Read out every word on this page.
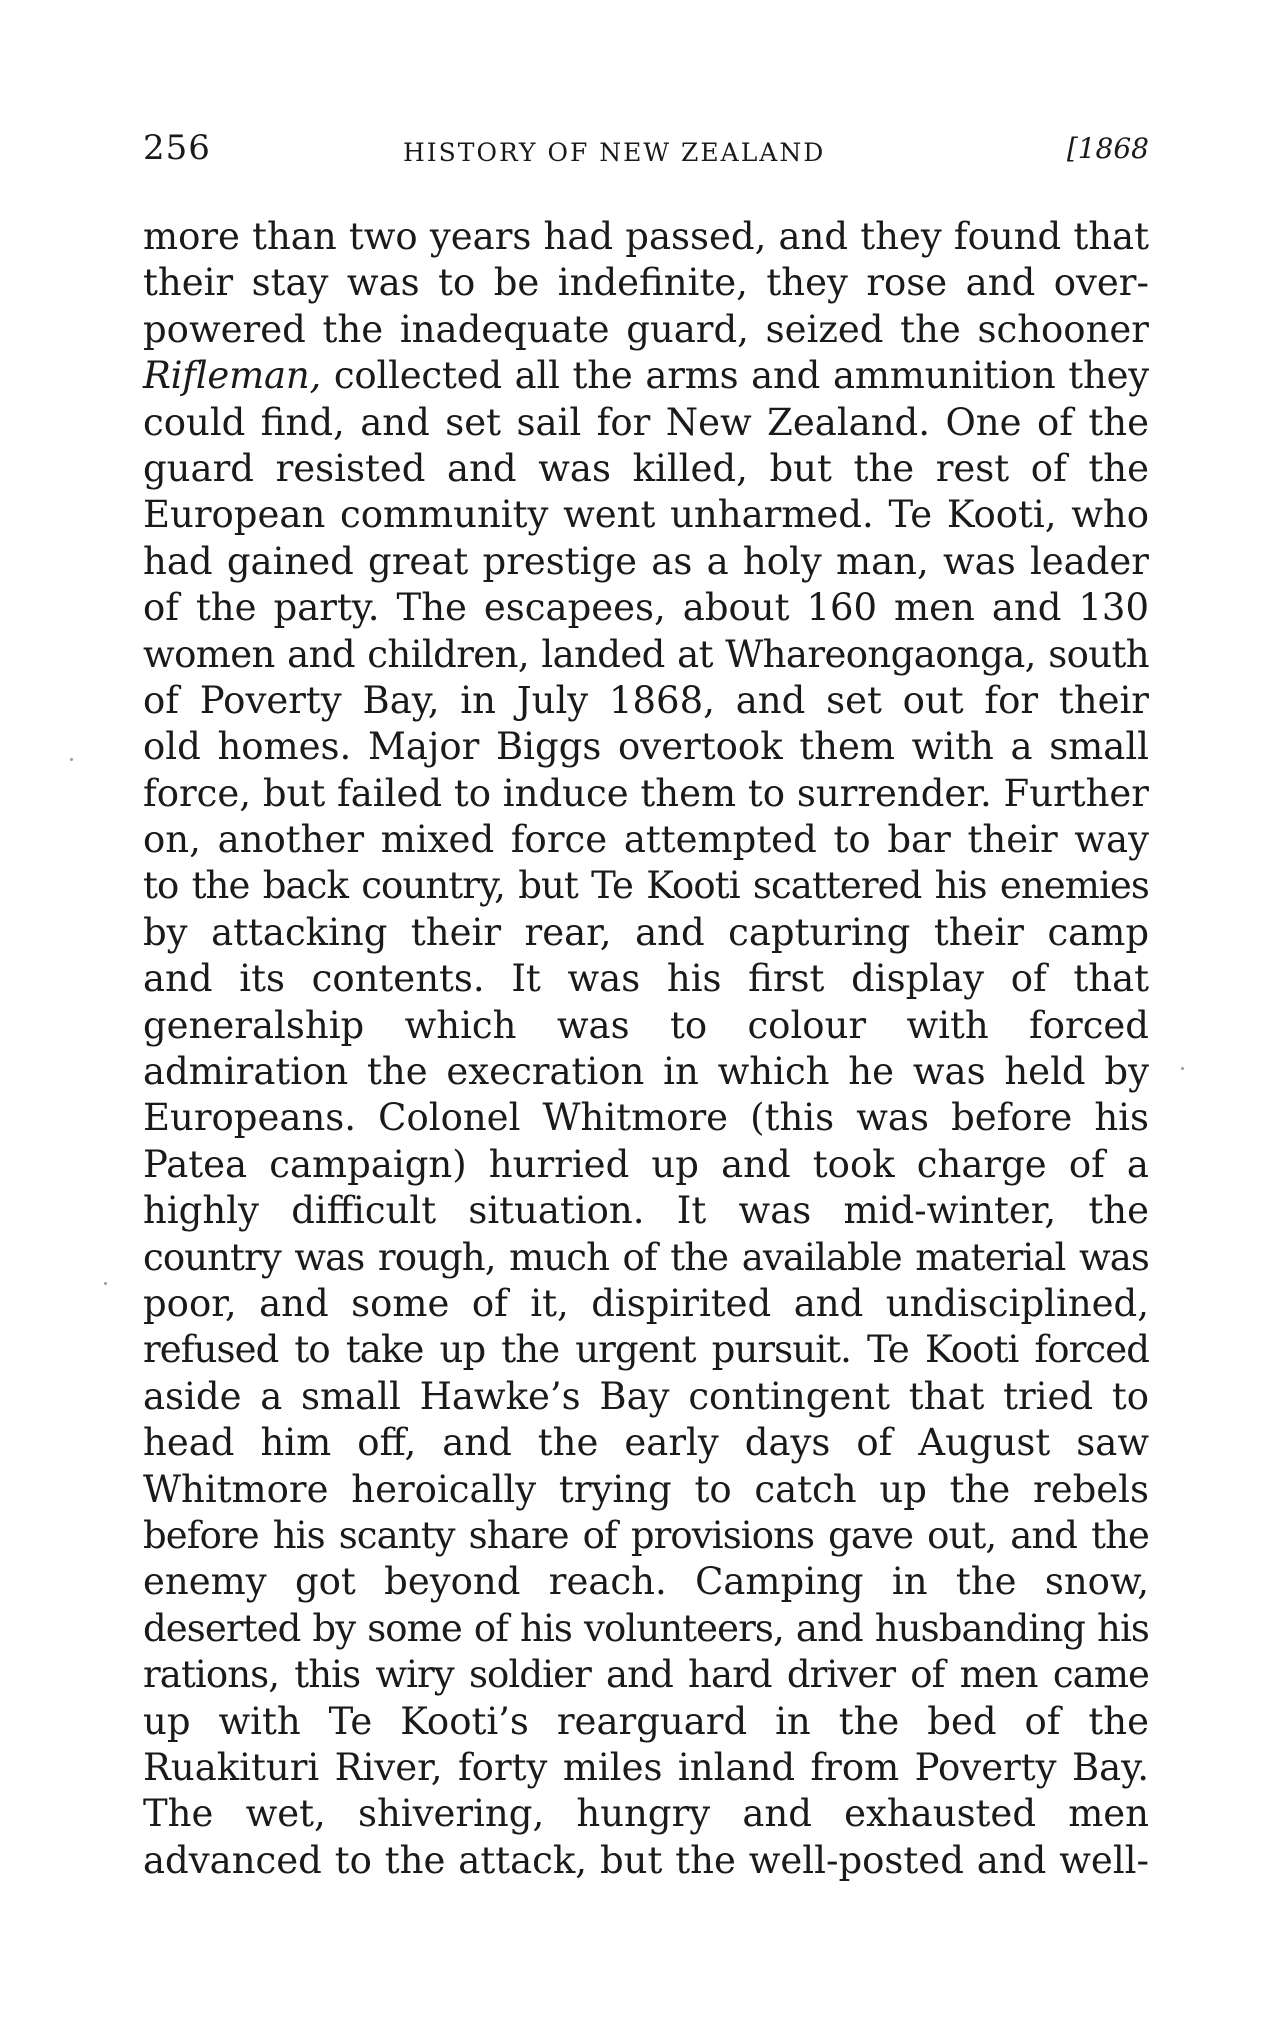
256	HISTORY OF NEW ZEALAND	[1868
more than two years had passed, and they found that
their stay was to be indefinite, they rose and over-
powered the inadequate guard, seized the schooner
Rifleman, collected all the arms and ammunition they
could find, and set sail for New Zealand. One of the
guard resisted and was killed, but the rest of the
European community went unharmed. Te Kooti, who
had gained great prestige as a holy man, was leader
of the party. The escapees, about 160 men and 130
women and children, landed at Whareongaonga, south
of Poverty Bay, in July 1868, and set out for their
old homes. Major Biggs overtook them with a small
force, but failed to induce them to surrender. Further
on, another mixed force attempted to bar their way
to the back country, but Te Kooti scattered his enemies
by attacking their rear, and capturing their camp
and its contents. It was his first display of that
generalship which was to colour with forced
admiration the execration in which he was held by
Europeans. Colonel Whitmore (this was before his
Patea campaign) hurried up and took charge of a
highly difficult situation. It was mid-winter, the
country was rough, much of the available material was
poor, and some of it, dispirited and undisciplined,
refused to take up the urgent pursuit. Te Kooti forced
aside a small Hawke’s Bay contingent that tried to
head him off, and the early days of August saw
Whitmore heroically trying to catch up the rebels
before his scanty share of provisions gave out, and the
enemy got beyond reach. Camping in the snow,
deserted by some of his volunteers, and husbanding his
rations, this wiry soldier and hard driver of men came
up with Te Kooti’s rearguard in the bed of the
Ruakituri River, forty miles inland from Poverty Bay.
The wet, shivering, hungry and exhausted men
advanced to the attack, but the well-posted and well-
